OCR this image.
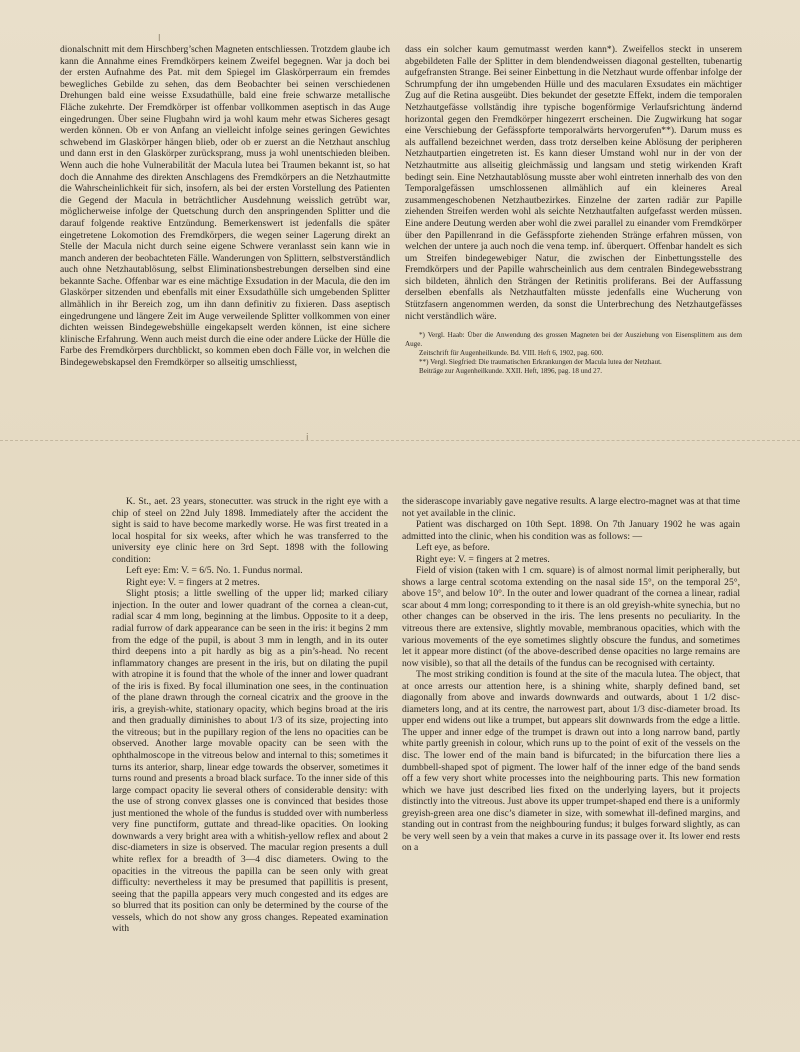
l

dionalschnitt mit dem Hirschberg’schen Magneten entschliessen. Trotzdem glaube ich kann die Annahme eines Fremdkörpers keinem Zweifel begegnen. War ja doch bei der ersten Aufnahme des Pat. mit dem Spiegel im Glaskörperraum ein fremdes bewegliches Gebilde zu sehen, das dem Beobachter bei seinen verschiedenen Drehungen bald eine weisse Exsudathülle, bald eine freie schwarze metallische Fläche zukehrte. Der Fremdkörper ist offenbar vollkommen aseptisch in das Auge eingedrungen. Über seine Flugbahn wird ja wohl kaum mehr etwas Sicheres gesagt werden können. Ob er von Anfang an vielleicht infolge seines geringen Gewichtes schwebend im Glaskörper hängen blieb, oder ob er zuerst an die Netzhaut anschlug und dann erst in den Glaskörper zurücksprang, muss ja wohl unentschieden bleiben. Wenn auch die hohe Vulnerabilität der Macula lutea bei Traumen bekannt ist, so hat doch die Annahme des direkten Anschlagens des Fremdkörpers an die Netzhautmitte die Wahrscheinlichkeit für sich, insofern, als bei der ersten Vorstellung des Patienten die Gegend der Macula in beträchtlicher Ausdehnung weisslich getrübt war, möglicherweise infolge der Quetschung durch den anspringenden Splitter und die darauf folgende reaktive Entzündung. Bemerkenswert ist jedenfalls die später eingetretene Lokomotion des Fremdkörpers, die wegen seiner Lagerung direkt an Stelle der Macula nicht durch seine eigene Schwere veranlasst sein kann wie in manch anderen der beobachteten Fälle. Wanderungen von Splittern, selbstverständlich auch ohne Netzhautablösung, selbst Eliminationsbestrebungen derselben sind eine bekannte Sache. Offenbar war es eine mächtige Exsudation in der Macula, die den im Glaskörper sitzenden und ebenfalls mit einer Exsudathülle sich umgebenden Splitter allmählich in ihr Bereich zog, um ihn dann definitiv zu fixieren. Dass aseptisch eingedrungene und längere Zeit im Auge verweilende Splitter vollkommen von einer dichten weissen Bindegewebshülle eingekapselt werden können, ist eine sichere klinische Erfahrung. Wenn auch meist durch die eine oder andere Lücke der Hülle die Farbe des Fremdkörpers durchblickt, so kommen eben doch Fälle vor, in welchen die Bindegewebskapsel den Fremdkörper so allseitig umschliesst,

dass ein solcher kaum gemutmasst werden kann*). Zweifellos steckt in unserem abgebildeten Falle der Splitter in dem blendendweissen diagonal gestellten, tubenartig aufgefransten Strange. Bei seiner Einbettung in die Netzhaut wurde offenbar infolge der Schrumpfung der ihn umgebenden Hülle und des macularen Exsudates ein mächtiger Zug auf die Retina ausgeübt. Dies bekundet der gesetzte Effekt, indem die temporalen Netzhautgefässe vollständig ihre typische bogenförmige Verlaufsrichtung ändernd horizontal gegen den Fremdkörper hingezerrt erscheinen. Die Zugwirkung hat sogar eine Verschiebung der Gefässpforte temporalwärts hervorgerufen**). Darum muss es als auffallend bezeichnet werden, dass trotz derselben keine Ablösung der peripheren Netzhautpartien eingetreten ist. Es kann dieser Umstand wohl nur in der von der Netzhautmitte aus allseitig gleichmässig und langsam und stetig wirkenden Kraft bedingt sein. Eine Netzhautablösung musste aber wohl eintreten innerhalb des von den Temporalgefässen umschlossenen allmählich auf ein kleineres Areal zusammengeschobenen Netzhautbezirkes. Einzelne der zarten radiär zur Papille ziehenden Streifen werden wohl als seichte Netzhautfalten aufgefasst werden müssen. Eine andere Deutung werden aber wohl die zwei parallel zu einander vom Fremdkörper über den Papillenrand in die Gefässpforte ziehenden Stränge erfahren müssen, von welchen der untere ja auch noch die vena temp. inf. überquert. Offenbar handelt es sich um Streifen bindegewebiger Natur, die zwischen der Einbettungsstelle des Fremdkörpers und der Papille wahrscheinlich aus dem centralen Bindegewebsstrang sich bildeten, ähnlich den Strängen der Retinitis proliferans. Bei der Auffassung derselben ebenfalls als Netzhautfalten müsste jedenfalls eine Wucherung von Stützfasern angenommen werden, da sonst die Unterbrechung des Netzhautgefässes nicht verständlich wäre.

*) Vergl. Haab: Über die Anwendung des grossen Magneten bei der Ausziehung von Eisensplittern aus dem Auge.

Zeitschrift für Augenheilkunde. Bd. VIII. Heft 6, 1902, pag. 600.

**) Vergl. Siegfried: Die traumatischen Erkrankungen der Macula lutea der Netzhaut.

Beiträge zur Augenheilkunde. XXII. Heft, 1896, pag. 18 und 27.

i

K. St., aet. 23 years, stonecutter. was struck in the right eye with a chip of steel on 22nd July 1898. Immediately after the accident the sight is said to have become markedly worse. He was first treated in a local hospital for six weeks, after which he was transferred to the university eye clinic here on 3rd Sept. 1898 with the following condition:

Left eye: Em: V. = 6/5. No. 1. Fundus normal.

Right eye: V. = fingers at 2 metres.

Slight ptosis; a little swelling of the upper lid; marked ciliary injection. In the outer and lower quadrant of the cornea a clean-cut, radial scar 4 mm long, beginning at the limbus. Opposite to it a deep, radial furrow of dark appearance can be seen in the iris: it begins 2 mm from the edge of the pupil, is about 3 mm in length, and in its outer third deepens into a pit hardly as big as a pin’s-head. No recent inflammatory changes are present in the iris, but on dilating the pupil with atropine it is found that the whole of the inner and lower quadrant of the iris is fixed. By focal illumination one sees, in the continuation of the plane drawn through the corneal cicatrix and the groove in the iris, a greyish-white, stationary opacity, which begins broad at the iris and then gradually diminishes to about 1/3 of its size, projecting into the vitreous; but in the pupillary region of the lens no opacities can be observed. Another large movable opacity can be seen with the ophthalmoscope in the vitreous below and internal to this; sometimes it turns its anterior, sharp, linear edge towards the observer, sometimes it turns round and presents a broad black surface. To the inner side of this large compact opacity lie several others of considerable density: with the use of strong convex glasses one is convinced that besides those just mentioned the whole of the fundus is studded over with numberless very fine punctiform, guttate and thread-like opacities. On looking downwards a very bright area with a whitish-yellow reflex and about 2 disc-diameters in size is observed. The macular region presents a dull white reflex for a breadth of 3—4 disc diameters. Owing to the opacities in the vitreous the papilla can be seen only with great difficulty: nevertheless it may be presumed that papillitis is present, seeing that the papilla appears very much congested and its edges are so blurred that its position can only be determined by the course of the vessels, which do not show any gross changes. Repeated examination with

the siderascope invariably gave negative results. A large electro-magnet was at that time not yet available in the clinic.

Patient was discharged on 10th Sept. 1898. On 7th January 1902 he was again admitted into the clinic, when his condition was as follows: —

Left eye, as before.

Right eye: V. = fingers at 2 metres.

Field of vision (taken with 1 cm. square) is of almost normal limit peripherally, but shows a large central scotoma extending on the nasal side 15°, on the temporal 25°, above 15°, and below 10°. In the outer and lower quadrant of the cornea a linear, radial scar about 4 mm long; corresponding to it there is an old greyish-white synechia, but no other changes can be observed in the iris. The lens presents no peculiarity. In the vitreous there are extensive, slightly movable, membranous opacities, which with the various movements of the eye sometimes slightly obscure the fundus, and sometimes let it appear more distinct (of the above-described dense opacities no large remains are now visible), so that all the details of the fundus can be recognised with certainty.

The most striking condition is found at the site of the macula lutea. The object, that at once arrests our attention here, is a shining white, sharply defined band, set diagonally from above and inwards downwards and outwards, about 1 1/2 disc-diameters long, and at its centre, the narrowest part, about 1/3 disc-diameter broad. Its upper end widens out like a trumpet, but appears slit downwards from the edge a little. The upper and inner edge of the trumpet is drawn out into a long narrow band, partly white partly greenish in colour, which runs up to the point of exit of the vessels on the disc. The lower end of the main band is bifurcated; in the bifurcation there lies a dumbbell-shaped spot of pigment. The lower half of the inner edge of the band sends off a few very short white processes into the neighbouring parts. This new formation which we have just described lies fixed on the underlying layers, but it projects distinctly into the vitreous. Just above its upper trumpet-shaped end there is a uniformly greyish-green area one disc’s diameter in size, with somewhat ill-defined margins, and standing out in contrast from the neighbouring fundus; it bulges forward slightly, as can be very well seen by a vein that makes a curve in its passage over it. Its lower end rests on a
